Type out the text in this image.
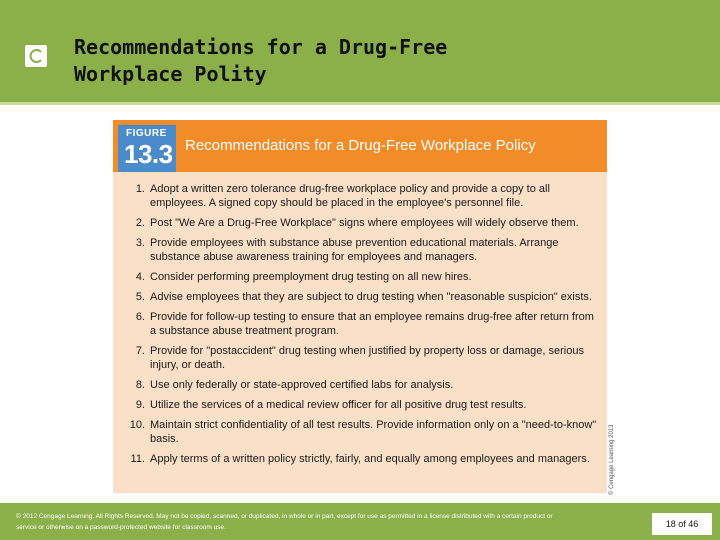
Recommendations for a Drug-Free
Workplace Polity
FIGURE
13.3 Recommendations for a Drug-Free Workplace Policy
1. Adopt a written zero tolerance drug-free workplace policy and provide a copy to all employees. A signed copy should be placed in the employee's personnel file.
2. Post "We Are a Drug-Free Workplace" signs where employees will widely observe them.
3. Provide employees with substance abuse prevention educational materials. Arrange substance abuse awareness training for employees and managers.
4. Consider performing preemployment drug testing on all new hires.
5. Advise employees that they are subject to drug testing when "reasonable suspicion" exists.
6. Provide for follow-up testing to ensure that an employee remains drug-free after return from a substance abuse treatment program.
7. Provide for "postaccident" drug testing when justified by property loss or damage, serious injury, or death.
8. Use only federally or state-approved certified labs for analysis.
9. Utilize the services of a medical review officer for all positive drug test results.
10. Maintain strict confidentiality of all test results. Provide information only on a "need-to-know" basis.
11. Apply terms of a written policy strictly, fairly, and equally among employees and managers.	© Cengage Learning 2013
© 2012 Cengage Learning. All Rights Reserved. May not be copied, scanned, or duplicated, in whole or in part, except for use as permitted in a license distributed with a certain product or service or otherwise on a password-protected website for classroom use.	18 of 46
